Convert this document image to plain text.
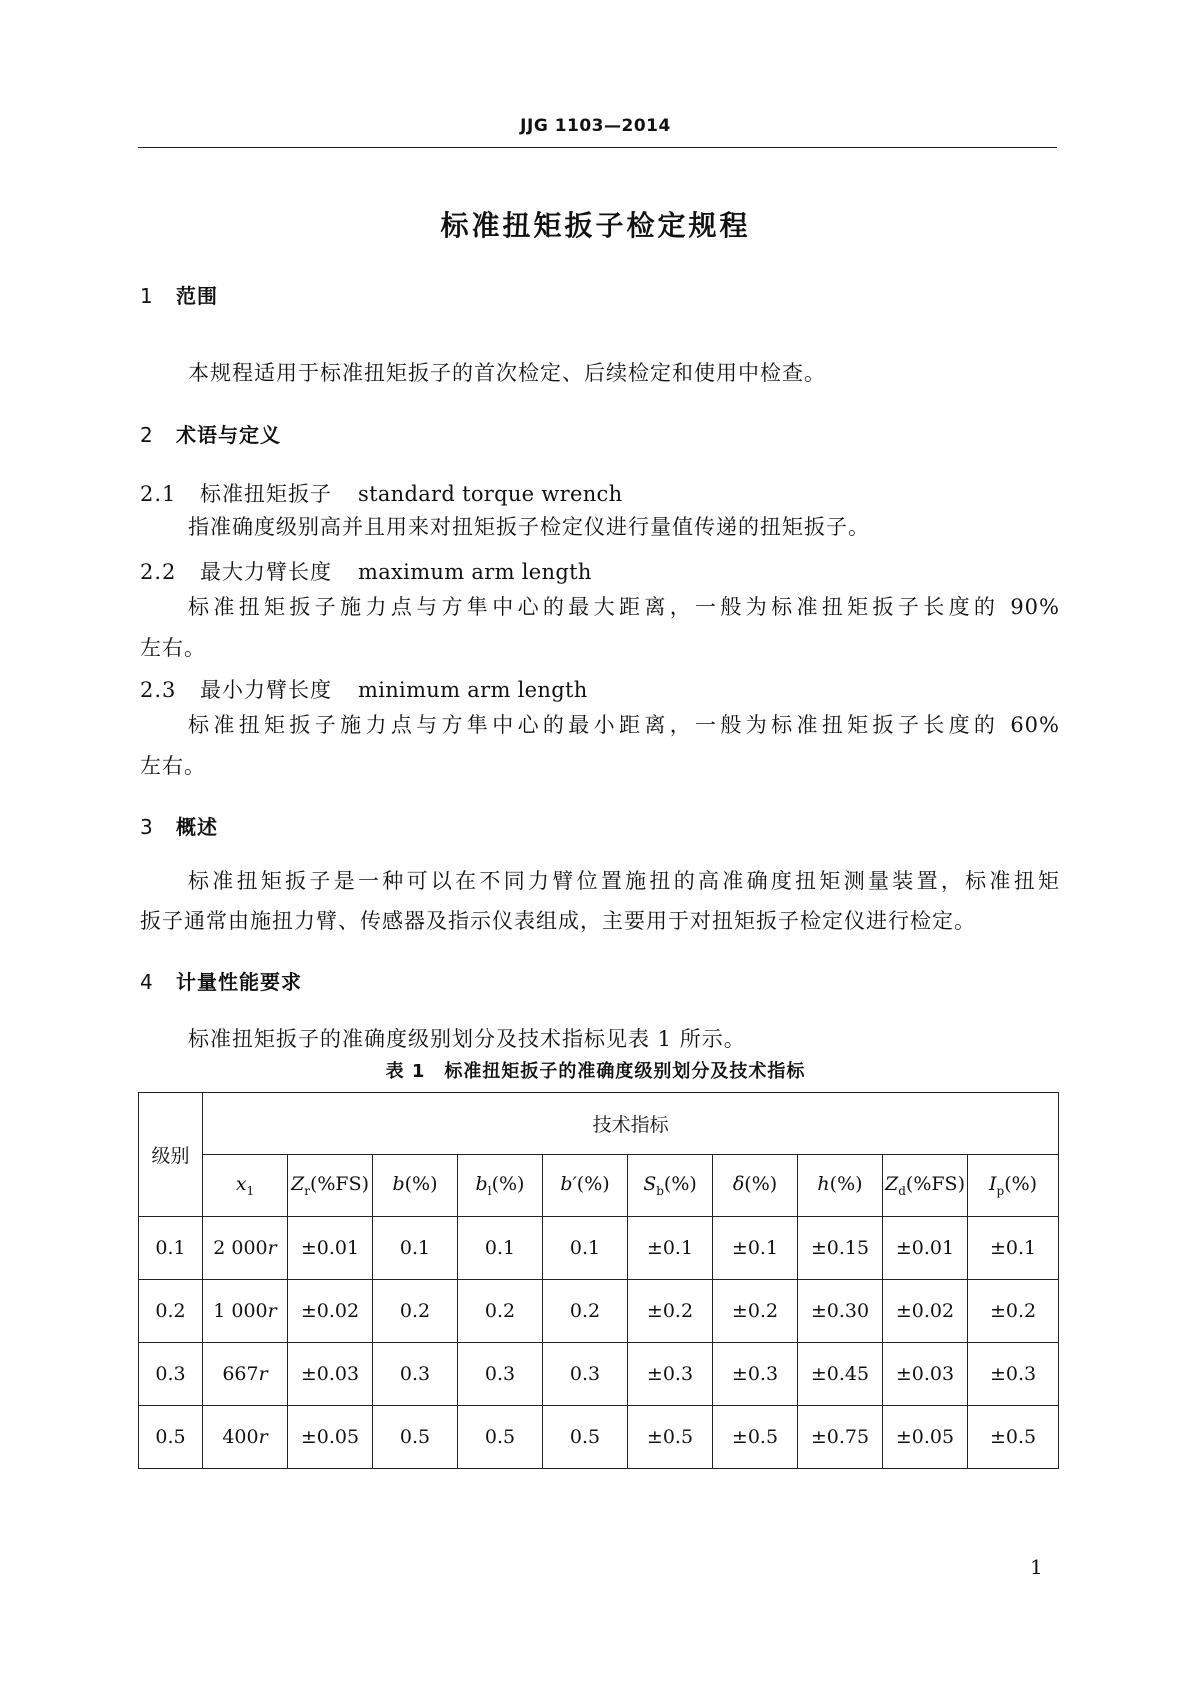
JJG 1103—2014
标准扭矩扳子检定规程
1 范围
本规程适用于标准扭矩扳子的首次检定、后续检定和使用中检查。
2 术语与定义
2.1 标准扭矩扳子 standard torque wrench
指准确度级别高并且用来对扭矩扳子检定仪进行量值传递的扭矩扳子。
2.2 最大力臂长度 maximum arm length
标准扭矩扳子施力点与方隼中心的最大距离，一般为标准扭矩扳子长度的 90%
左右。
2.3 最小力臂长度 minimum arm length
标准扭矩扳子施力点与方隼中心的最小距离，一般为标准扭矩扳子长度的 60%
左右。
3 概述
标准扭矩扳子是一种可以在不同力臂位置施扭的高准确度扭矩测量装置，标准扭矩
扳子通常由施扭力臂、传感器及指示仪表组成，主要用于对扭矩扳子检定仪进行检定。
4 计量性能要求
标准扭矩扳子的准确度级别划分及技术指标见表 1 所示。
表 1　标准扭矩扳子的准确度级别划分及技术指标
级别	技术指标									
	$x_1$	$Z_r(\%FS)$	b(%)	$b_l(\%)$	b′(%)	$S_b(\%)$	δ(%)	h(%)	$Z_d(\%FS)$	$I_p(\%)$
0.1	2 000r	±0.01	0.1	0.1	0.1	±0.1	±0.1	±0.15	±0.01	±0.1
0.2	1 000r	±0.02	0.2	0.2	0.2	±0.2	±0.2	±0.30	±0.02	±0.2
0.3	667r	±0.03	0.3	0.3	0.3	±0.3	±0.3	±0.45	±0.03	±0.3
0.5	400r	±0.05	0.5	0.5	0.5	±0.5	±0.5	±0.75	±0.05	±0.5
1
